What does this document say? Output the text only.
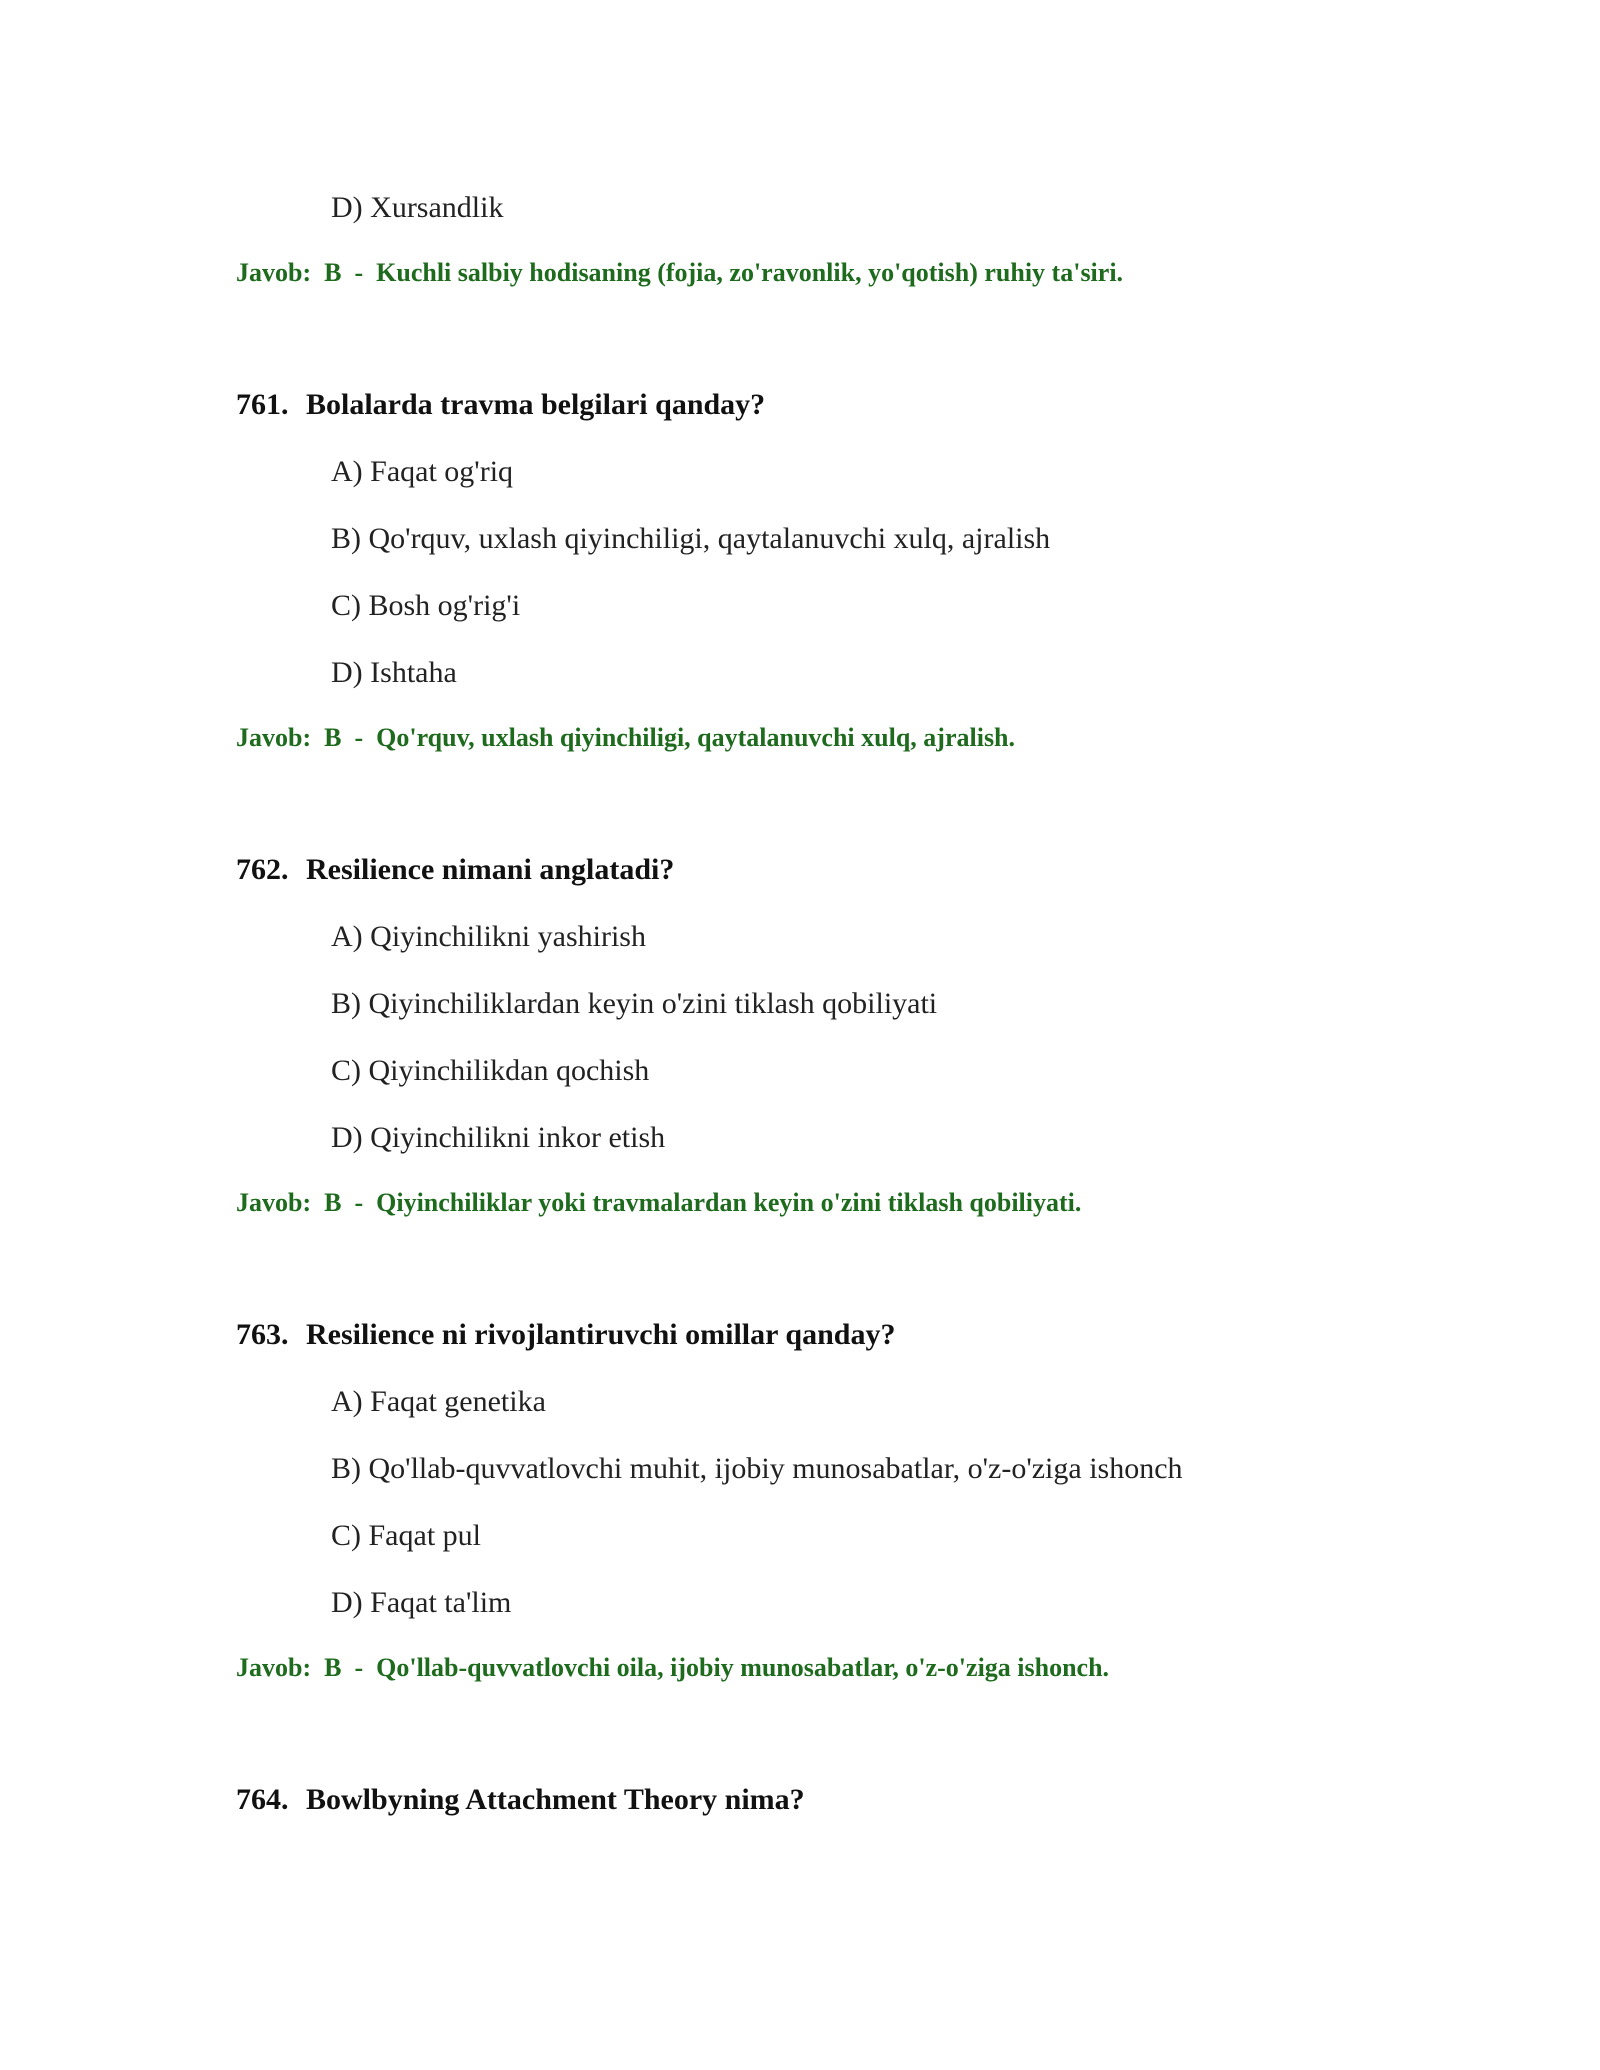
D) Xursandlik
Javob: B - Kuchli salbiy hodisaning (fojia, zo'ravonlik, yo'qotish) ruhiy ta'siri.
761. Bolalarda travma belgilari qanday?
A) Faqat og'riq
B) Qo'rquv, uxlash qiyinchiligi, qaytalanuvchi xulq, ajralish
C) Bosh og'rig'i
D) Ishtaha
Javob: B - Qo'rquv, uxlash qiyinchiligi, qaytalanuvchi xulq, ajralish.
762. Resilience nimani anglatadi?
A) Qiyinchilikni yashirish
B) Qiyinchiliklardan keyin o'zini tiklash qobiliyati
C) Qiyinchilikdan qochish
D) Qiyinchilikni inkor etish
Javob: B - Qiyinchiliklar yoki travmalardan keyin o'zini tiklash qobiliyati.
763. Resilience ni rivojlantiruvchi omillar qanday?
A) Faqat genetika
B) Qo'llab-quvvatlovchi muhit, ijobiy munosabatlar, o'z-o'ziga ishonch
C) Faqat pul
D) Faqat ta'lim
Javob: B - Qo'llab-quvvatlovchi oila, ijobiy munosabatlar, o'z-o'ziga ishonch.
764. Bowlbyning Attachment Theory nima?
